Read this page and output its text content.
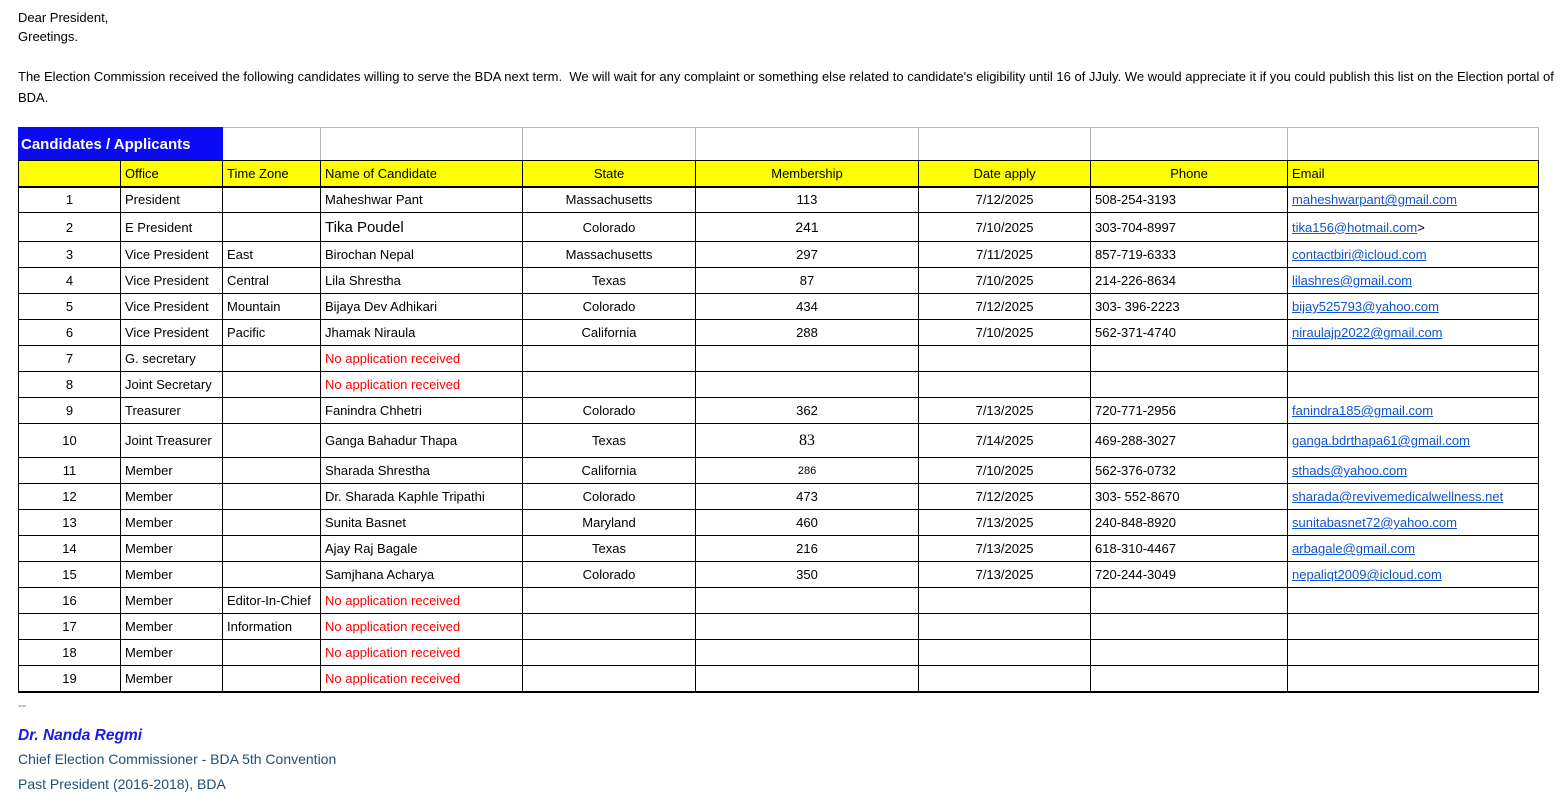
Dear President,
Greetings.

The Election Commission received the following candidates willing to serve the BDA next term.  We will wait for any complaint or something else related to candidate's eligibility until 16 of JJuly. We would appreciate it if you could publish this list on the Election portal of BDA.

Candidates / Applicants								
	Office	Time Zone	Name of Candidate	State	Membership	Date apply	Phone	Email
1	President		Maheshwar Pant	Massachusetts	113	7/12/2025	508-254-3193	maheshwarpant@gmail.com
2	E President		Tika Poudel	Colorado	241	7/10/2025	303-704-8997	tika156@hotmail.com>
3	Vice President	East	Birochan Nepal	Massachusetts	297	7/11/2025	857-719-6333	contactbiri@icloud.com
4	Vice President	Central	Lila Shrestha	Texas	87	7/10/2025	214-226-8634	lilashres@gmail.com
5	Vice President	Mountain	Bijaya Dev Adhikari	Colorado	434	7/12/2025	303- 396-2223	bijay525793@yahoo.com
6	Vice President	Pacific	Jhamak Niraula	California	288	7/10/2025	562-371-4740	niraulajp2022@gmail.com
7	G. secretary		No application received					
8	Joint Secretary		No application received					
9	Treasurer		Fanindra Chhetri	Colorado	362	7/13/2025	720-771-2956	fanindra185@gmail.com
10	Joint Treasurer		Ganga Bahadur Thapa	Texas	83	7/14/2025	469-288-3027	ganga.bdrthapa61@gmail.com
11	Member		Sharada Shrestha	California	286	7/10/2025	562-376-0732	sthads@yahoo.com
12	Member		Dr. Sharada Kaphle Tripathi	Colorado	473	7/12/2025	303- 552-8670	sharada@revivemedicalwellness.net
13	Member		Sunita Basnet	Maryland	460	7/13/2025	240-848-8920	sunitabasnet72@yahoo.com
14	Member		Ajay Raj Bagale	Texas	216	7/13/2025	618-310-4467	arbagale@gmail.com
15	Member		Samjhana Acharya	Colorado	350	7/13/2025	720-244-3049	nepaliqt2009@icloud.com
16	Member	Editor-In-Chief	No application received					
17	Member	Information	No application received					
18	Member		No application received					
19	Member		No application received					
--
Dr. Nanda Regmi
Chief Election Commissioner - BDA 5th Convention
Past President (2016-2018), BDA
